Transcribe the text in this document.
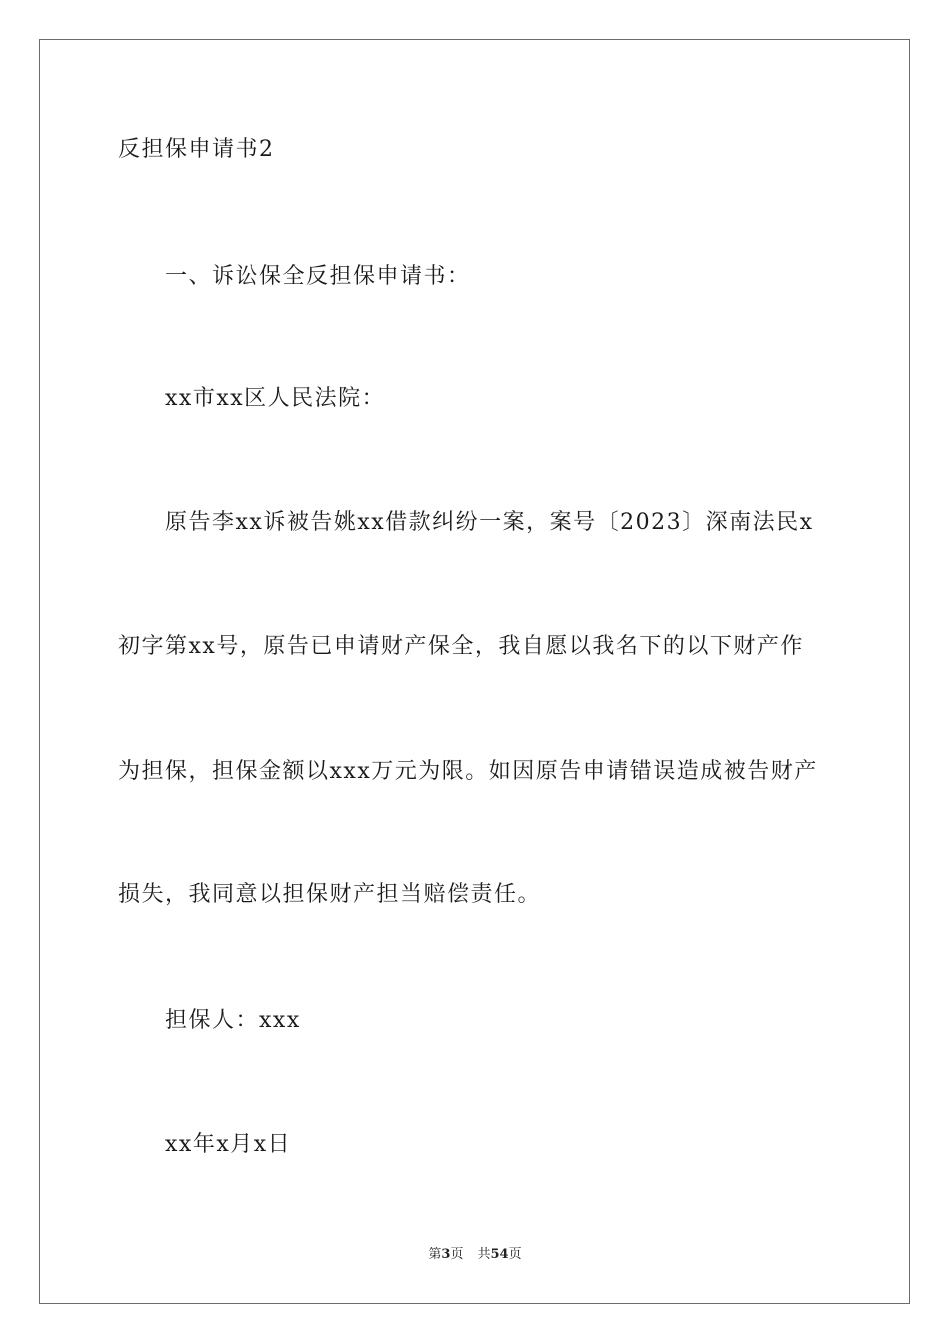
反担保申请书2
一、诉讼保全反担保申请书：
xx市xx区人民法院：
原告李xx诉被告姚xx借款纠纷一案，案号〔2023〕深南法民x
初字第xx号，原告已申请财产保全，我自愿以我名下的以下财产作
为担保，担保金额以xxx万元为限。如因原告申请错误造成被告财产
损失，我同意以担保财产担当赔偿责任。
担保人：xxx
xx年x月x日
第3页 共54页
